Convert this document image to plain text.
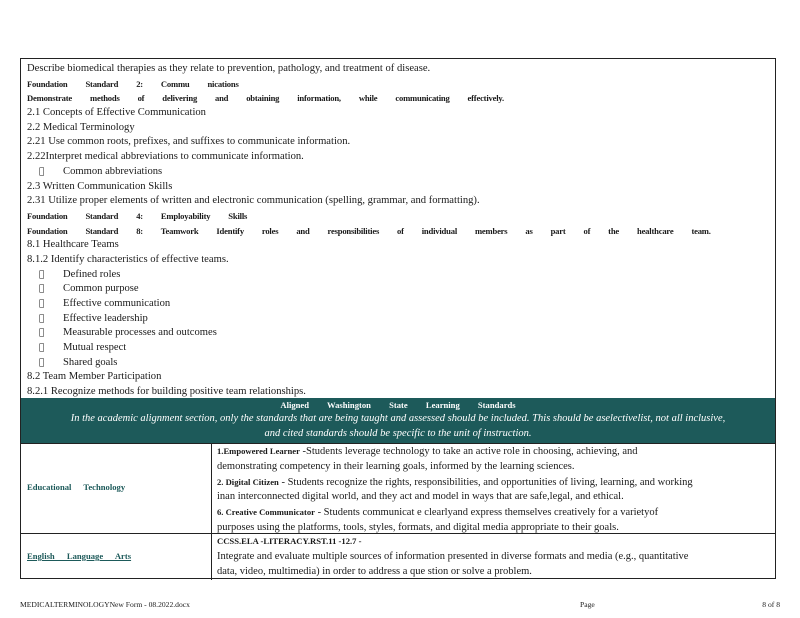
Describe biomedical therapies as they relate to prevention, pathology, and treatment of disease.
Foundation Standard 2: Commu nications
Demonstrate methods of delivering and obtaining information, while communicating effectively.
2.1 Concepts of Effective Communication
2.2 Medical Terminology
2.21 Use common roots, prefixes, and suffixes to communicate information.
2.22Interpret medical abbreviations to communicate information.
Common abbreviations
2.3 Written Communication Skills
2.31 Utilize proper elements of written and electronic communication (spelling, grammar, and formatting).
Foundation Standard 4: Employability Skills
Foundation Standard 8: Teamwork Identify roles and responsibilities of individual members as part of the healthcare team.
8.1 Healthcare Teams
8.1.2 Identify characteristics of effective teams.
Defined roles
Common purpose
Effective communication
Effective leadership
Measurable processes and outcomes
Mutual respect
Shared goals
8.2 Team Member Participation
8.2.1 Recognize methods for building positive team relationships.
Aligned Washington State Learning Standards
In the academic alignment section, only the standards that are being taught and assessed should be included. This should be aselectivelist, not all inclusive,
and cited standards should be specific to the unit of instruction.
Educational Technology
1.Empowered Learner -Students leverage technology to take an active role in choosing, achieving, and
demonstrating competency in their learning goals, informed by the learning sciences.
2. Digital Citizen - Students recognize the rights, responsibilities, and opportunities of living, learning, and working
inan interconnected digital world, and they act and model in ways that are safe,legal, and ethical.
6. Creative Communicator - Students communicat e clearlyand express themselves creatively for a varietyof
purposes using the platforms, tools, styles, formats, and digital media appropriate to their goals.
English Language Arts
CCSS.ELA -LITERACY.RST.11 -12.7 -
Integrate and evaluate multiple sources of information presented in diverse formats and media (e.g., quantitative
data, video, multimedia) in order to address a que stion or solve a problem.
MEDICALTERMINOLOGYNew Form - 08.2022.docx	Page	8 of 8
